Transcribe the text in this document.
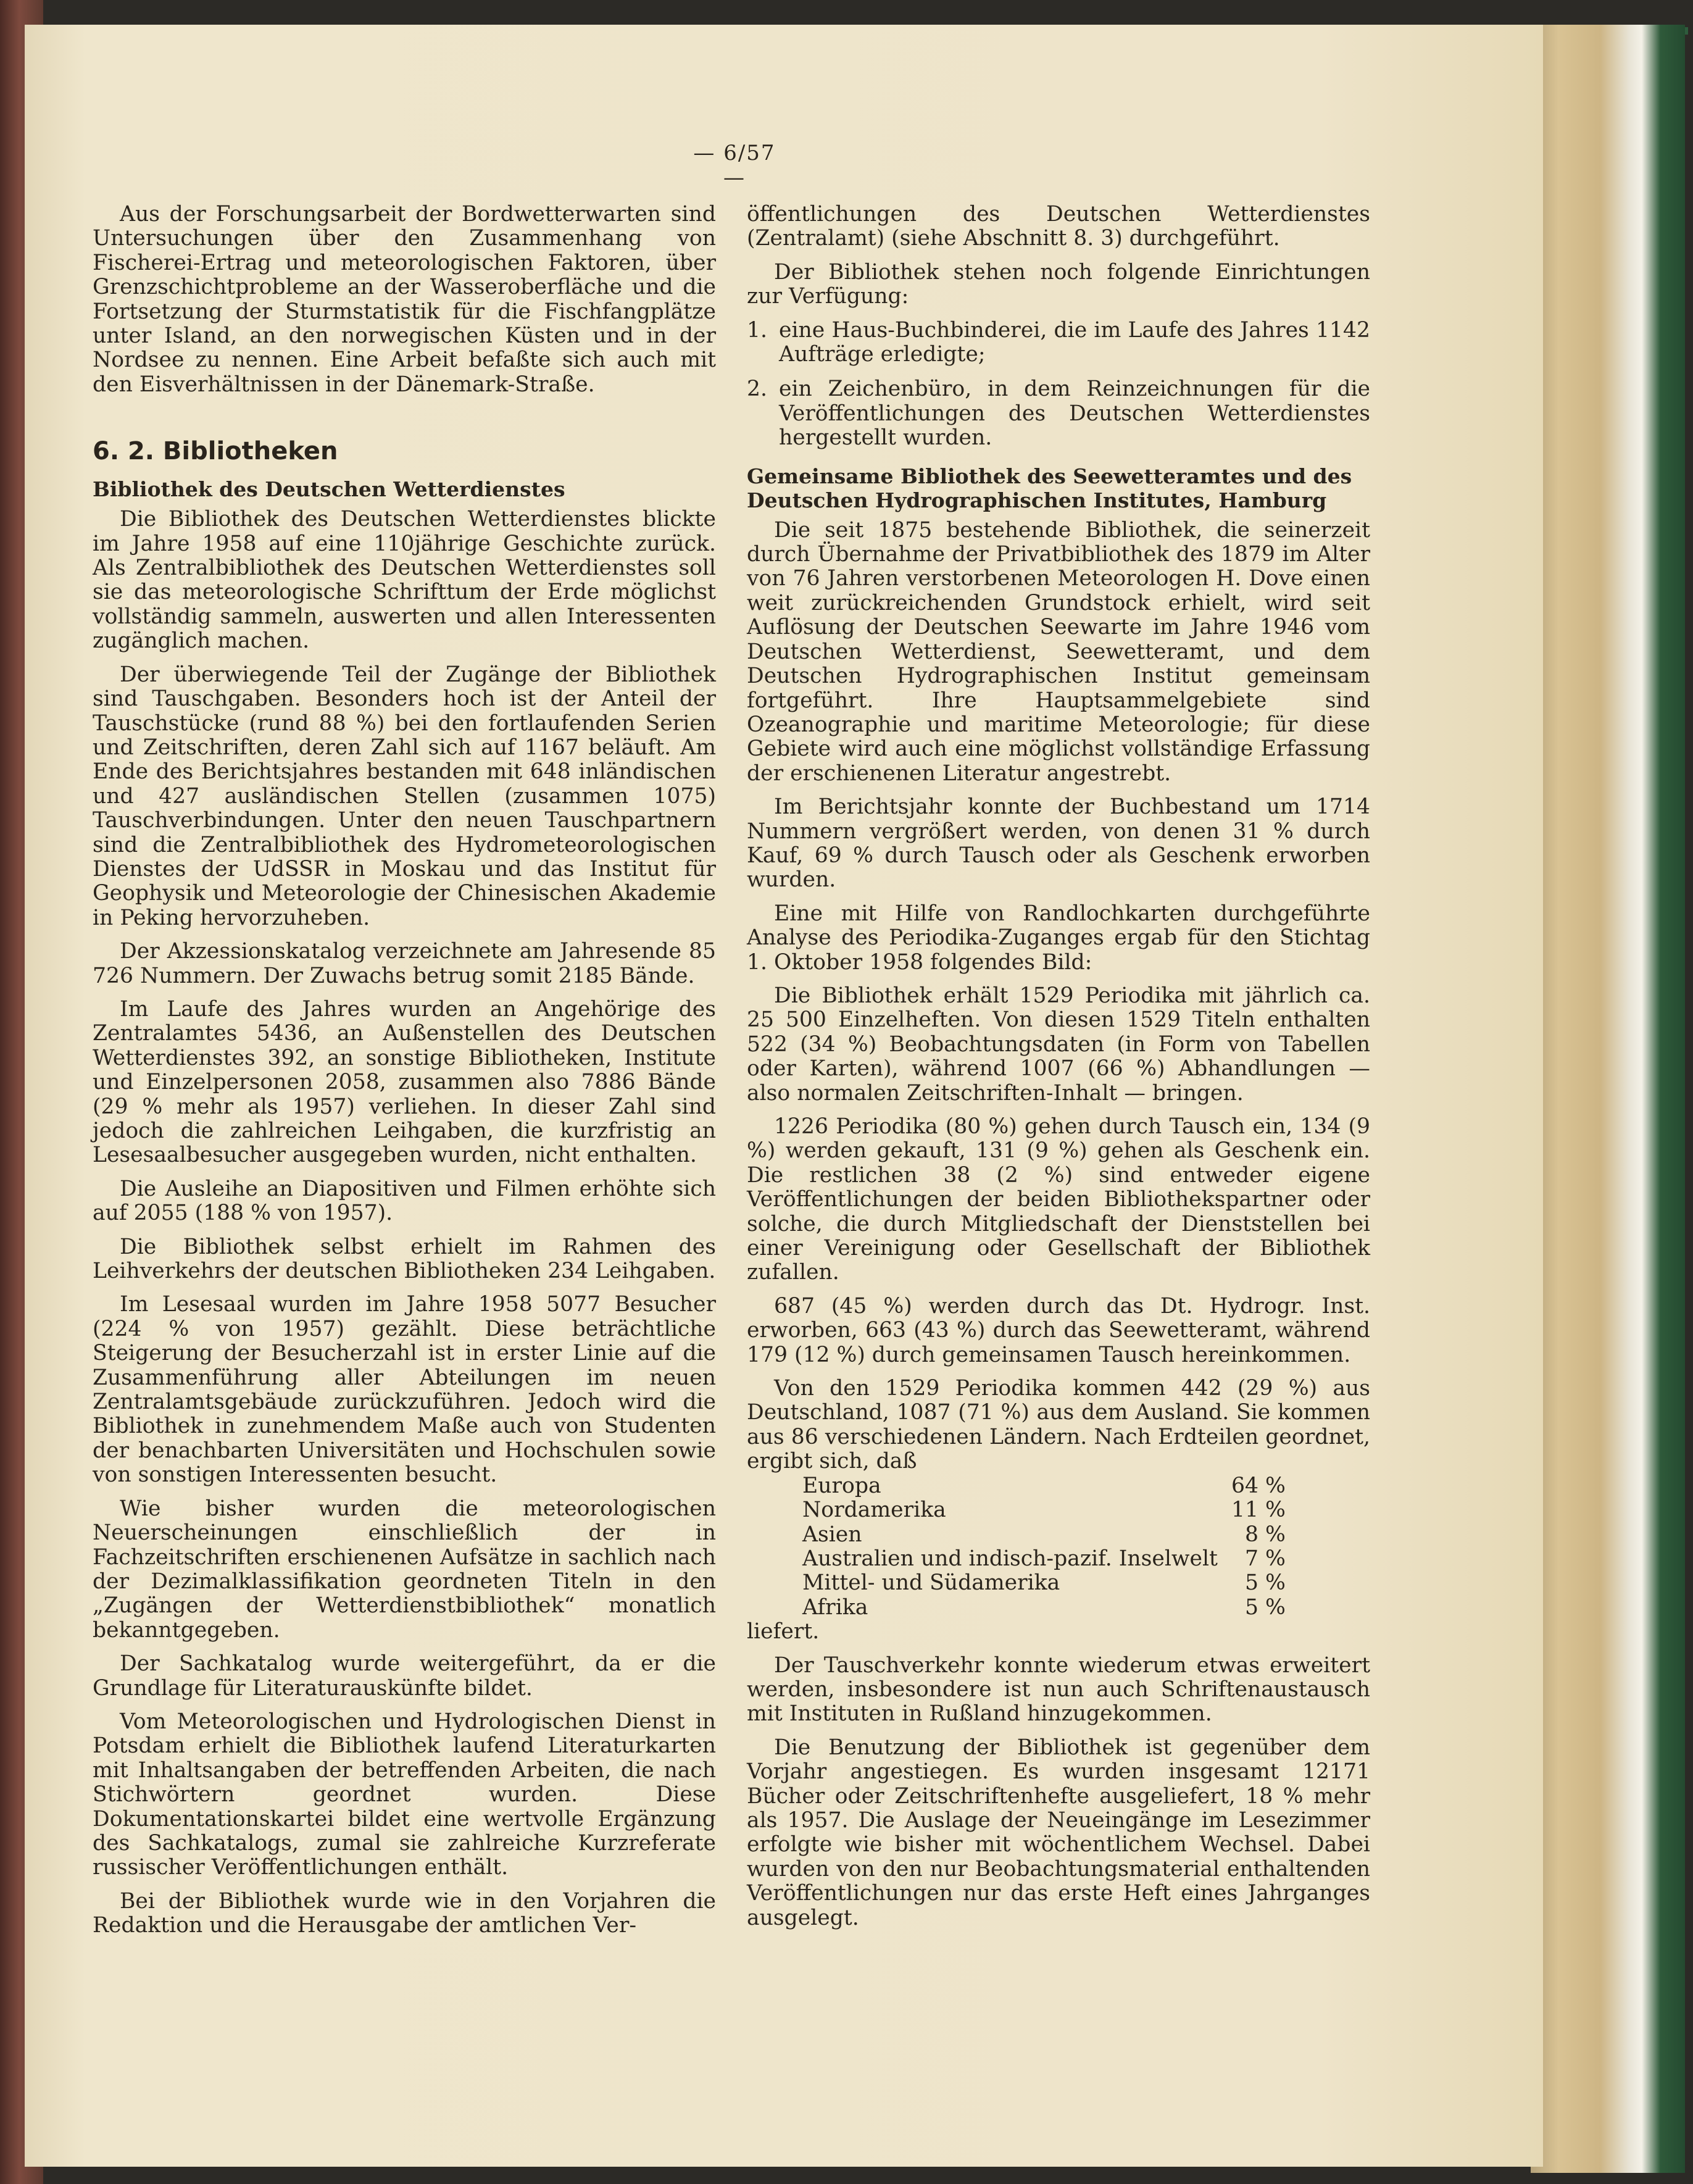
— 6/57 —

Aus der Forschungsarbeit der Bordwetterwarten sind Untersuchungen über den Zusammenhang von Fischerei-Ertrag und meteorologischen Faktoren, über Grenzschichtprobleme an der Wasseroberfläche und die Fortsetzung der Sturmstatistik für die Fischfangplätze unter Island, an den norwegischen Küsten und in der Nordsee zu nennen. Eine Arbeit befaßte sich auch mit den Eisverhältnissen in der Dänemark-Straße.

6. 2. Bibliotheken
Bibliothek des Deutschen Wetterdienstes

Die Bibliothek des Deutschen Wetterdienstes blickte im Jahre 1958 auf eine 110jährige Geschichte zurück. Als Zentralbibliothek des Deutschen Wetterdienstes soll sie das meteorologische Schrifttum der Erde möglichst vollständig sammeln, auswerten und allen Interessenten zugänglich machen.

Der überwiegende Teil der Zugänge der Bibliothek sind Tauschgaben. Besonders hoch ist der Anteil der Tauschstücke (rund 88 %) bei den fortlaufenden Serien und Zeitschriften, deren Zahl sich auf 1167 beläuft. Am Ende des Berichtsjahres bestanden mit 648 inländischen und 427 ausländischen Stellen (zusammen 1075) Tauschverbindungen. Unter den neuen Tauschpartnern sind die Zentralbibliothek des Hydrometeorologischen Dienstes der UdSSR in Moskau und das Institut für Geophysik und Meteorologie der Chinesischen Akademie in Peking hervorzuheben.

Der Akzessionskatalog verzeichnete am Jahresende 85 726 Nummern. Der Zuwachs betrug somit 2185 Bände.

Im Laufe des Jahres wurden an Angehörige des Zentralamtes 5436, an Außenstellen des Deutschen Wetterdienstes 392, an sonstige Bibliotheken, Institute und Einzelpersonen 2058, zusammen also 7886 Bände (29 % mehr als 1957) verliehen. In dieser Zahl sind jedoch die zahlreichen Leihgaben, die kurzfristig an Lesesaalbesucher ausgegeben wurden, nicht enthalten.

Die Ausleihe an Diapositiven und Filmen erhöhte sich auf 2055 (188 % von 1957).

Die Bibliothek selbst erhielt im Rahmen des Leihverkehrs der deutschen Bibliotheken 234 Leihgaben.

Im Lesesaal wurden im Jahre 1958 5077 Besucher (224 % von 1957) gezählt. Diese beträchtliche Steigerung der Besucherzahl ist in erster Linie auf die Zusammenführung aller Abteilungen im neuen Zentralamtsgebäude zurückzuführen. Jedoch wird die Bibliothek in zunehmendem Maße auch von Studenten der benachbarten Universitäten und Hochschulen sowie von sonstigen Interessenten besucht.

Wie bisher wurden die meteorologischen Neuerscheinungen einschließlich der in Fachzeitschriften erschienenen Aufsätze in sachlich nach der Dezimalklassifikation geordneten Titeln in den „Zugängen der Wetterdienstbibliothek“ monatlich bekanntgegeben.

Der Sachkatalog wurde weitergeführt, da er die Grundlage für Literaturauskünfte bildet.

Vom Meteorologischen und Hydrologischen Dienst in Potsdam erhielt die Bibliothek laufend Literaturkarten mit Inhaltsangaben der betreffenden Arbeiten, die nach Stichwörtern geordnet wurden. Diese Dokumentationskartei bildet eine wertvolle Ergänzung des Sachkatalogs, zumal sie zahlreiche Kurzreferate russischer Veröffentlichungen enthält.

Bei der Bibliothek wurde wie in den Vorjahren die Redaktion und die Herausgabe der amtlichen Ver-

öffentlichungen des Deutschen Wetterdienstes (Zentralamt) (siehe Abschnitt 8. 3) durchgeführt.

Der Bibliothek stehen noch folgende Einrichtungen zur Verfügung:

1. eine Haus-Buchbinderei, die im Laufe des Jahres 1142 Aufträge erledigte;
2. ein Zeichenbüro, in dem Reinzeichnungen für die Veröffentlichungen des Deutschen Wetterdienstes hergestellt wurden.
Gemeinsame Bibliothek des Seewetteramtes und des Deutschen Hydrographischen Institutes, Hamburg

Die seit 1875 bestehende Bibliothek, die seinerzeit durch Übernahme der Privatbibliothek des 1879 im Alter von 76 Jahren verstorbenen Meteorologen H. Dove einen weit zurückreichenden Grundstock erhielt, wird seit Auflösung der Deutschen Seewarte im Jahre 1946 vom Deutschen Wetterdienst, Seewetteramt, und dem Deutschen Hydrographischen Institut gemeinsam fortgeführt. Ihre Hauptsammelgebiete sind Ozeanographie und maritime Meteorologie; für diese Gebiete wird auch eine möglichst vollständige Erfassung der erschienenen Literatur angestrebt.

Im Berichtsjahr konnte der Buchbestand um 1714 Nummern vergrößert werden, von denen 31 % durch Kauf, 69 % durch Tausch oder als Geschenk erworben wurden.

Eine mit Hilfe von Randlochkarten durchgeführte Analyse des Periodika-Zuganges ergab für den Stichtag 1. Oktober 1958 folgendes Bild:

Die Bibliothek erhält 1529 Periodika mit jährlich ca. 25 500 Einzelheften. Von diesen 1529 Titeln enthalten 522 (34 %) Beobachtungsdaten (in Form von Tabellen oder Karten), während 1007 (66 %) Abhandlungen — also normalen Zeitschriften-Inhalt — bringen.

1226 Periodika (80 %) gehen durch Tausch ein, 134 (9 %) werden gekauft, 131 (9 %) gehen als Geschenk ein. Die restlichen 38 (2 %) sind entweder eigene Veröffentlichungen der beiden Bibliothekspartner oder solche, die durch Mitgliedschaft der Dienststellen bei einer Vereinigung oder Gesellschaft der Bibliothek zufallen.

687 (45 %) werden durch das Dt. Hydrogr. Inst. erworben, 663 (43 %) durch das Seewetteramt, während 179 (12 %) durch gemeinsamen Tausch hereinkommen.

Von den 1529 Periodika kommen 442 (29 %) aus Deutschland, 1087 (71 %) aus dem Ausland. Sie kommen aus 86 verschiedenen Ländern. Nach Erdteilen geordnet, ergibt sich, daß

Europa	64 %
Nordamerika	11 %
Asien	8 %
Australien und indisch-pazif. Inselwelt	7 %
Mittel- und Südamerika	5 %
Afrika	5 %

liefert.

Der Tauschverkehr konnte wiederum etwas erweitert werden, insbesondere ist nun auch Schriftenaustausch mit Instituten in Rußland hinzugekommen.

Die Benutzung der Bibliothek ist gegenüber dem Vorjahr angestiegen. Es wurden insgesamt 12171 Bücher oder Zeitschriftenhefte ausgeliefert, 18 % mehr als 1957. Die Auslage der Neueingänge im Lesezimmer erfolgte wie bisher mit wöchentlichem Wechsel. Dabei wurden von den nur Beobachtungsmaterial enthaltenden Veröffentlichungen nur das erste Heft eines Jahrganges ausgelegt.
